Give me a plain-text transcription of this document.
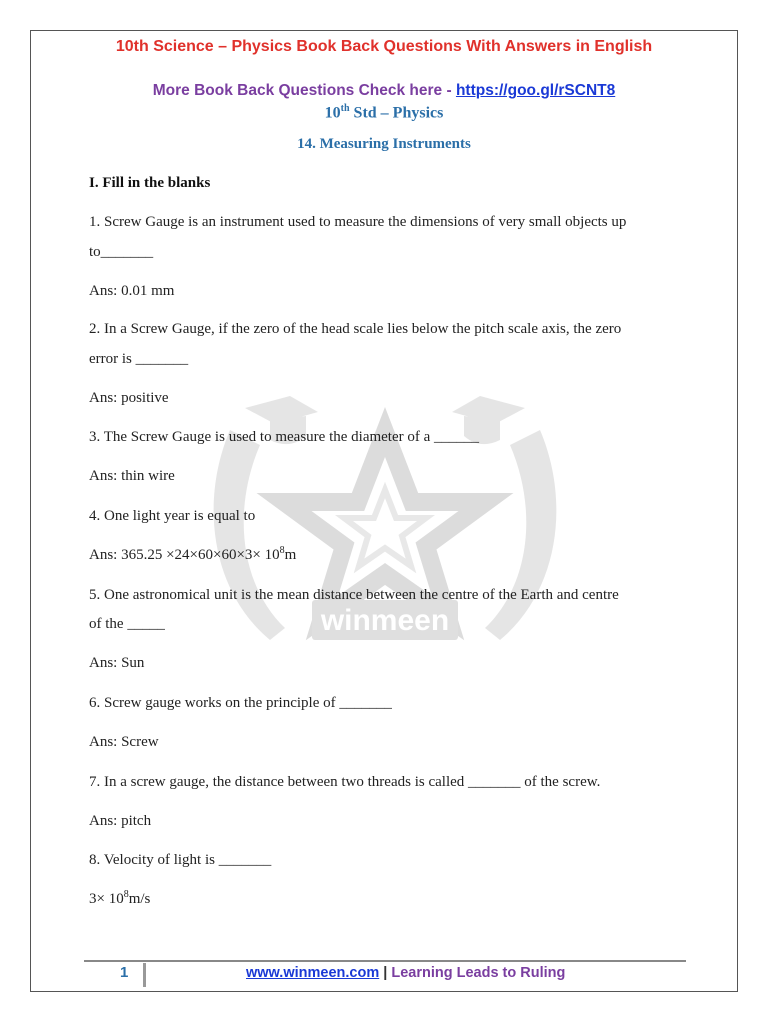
winmeen
10th Science – Physics Book Back Questions With Answers in English
More Book Back Questions Check here - https://goo.gl/rSCNT8
10th Std – Physics
14. Measuring Instruments
I. Fill in the blanks
1. Screw Gauge is an instrument used to measure the dimensions of very small objects up
to_______
Ans: 0.01 mm
2. In a Screw Gauge, if the zero of the head scale lies below the pitch scale axis, the zero
error is _______
Ans: positive
3. The Screw Gauge is used to measure the diameter of a ______
Ans: thin wire
4. One light year is equal to
Ans: $365.25 \times 24\times 60\times 60\times 3\times 10^8m$
5. One astronomical unit is the mean distance between the centre of the Earth and centre
of the _____
Ans: Sun
6. Screw gauge works on the principle of _______
Ans: Screw
7. In a screw gauge, the distance between two threads is called _______ of the screw.
Ans: pitch
8. Velocity of light is _______
$3\times 10^8m/s$
1	www.winmeen.com | Learning Leads to Ruling
